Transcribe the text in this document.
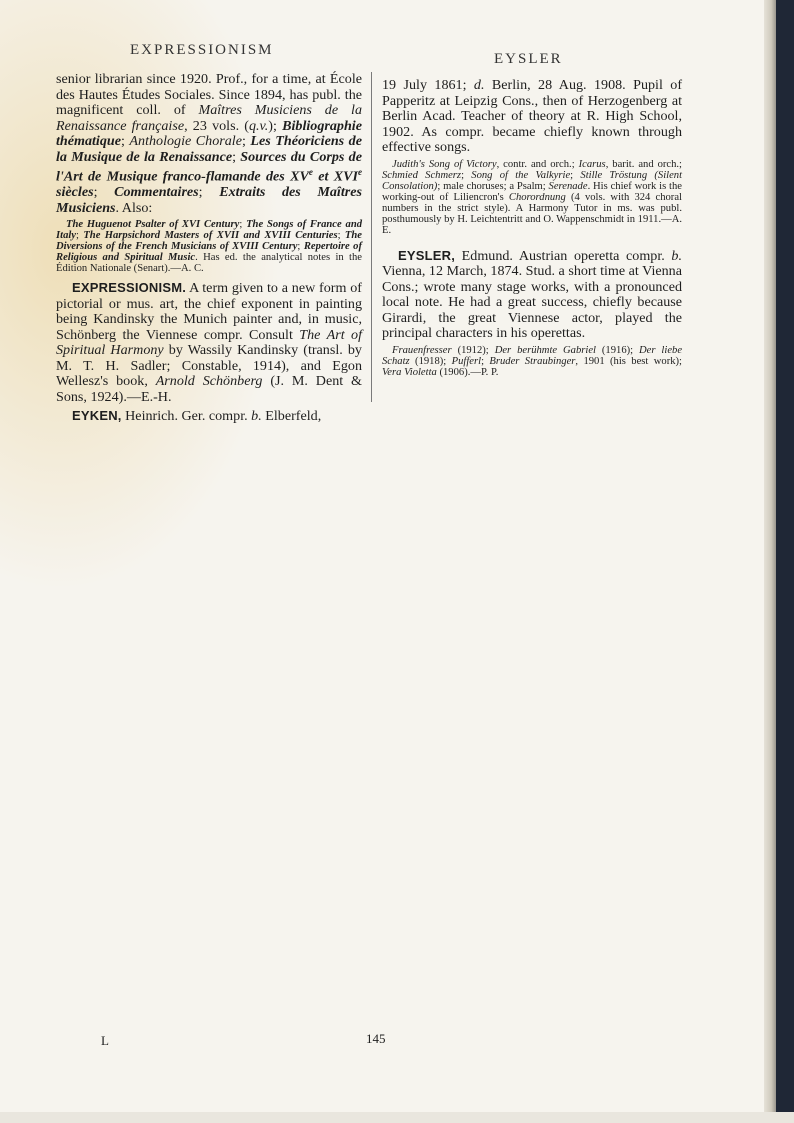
EXPRESSIONISM
EYSLER

senior librarian since 1920. Prof., for a time, at École des Hautes Études Sociales. Since 1894, has publ. the magnificent coll. of Maîtres Musiciens de la Renaissance française, 23 vols. (q.v.); Bibliographie thématique; Anthologie Chorale; Les Théoriciens de la Musique de la Renaissance; Sources du Corps de l'Art de Musique franco-flamande des XVe et XVIe siècles; Commentaires; Extraits des Maîtres Musiciens. Also:

The Huguenot Psalter of XVI Century; The Songs of France and Italy; The Harpsichord Masters of XVII and XVIII Centuries; The Diversions of the French Musicians of XVIII Century; Repertoire of Religious and Spiritual Music. Has ed. the analytical notes in the Édition Nationale (Senart).—A. C.

EXPRESSIONISM. A term given to a new form of pictorial or mus. art, the chief exponent in painting being Kandinsky the Munich painter and, in music, Schönberg the Viennese compr. Consult The Art of Spiritual Harmony by Wassily Kandinsky (transl. by M. T. H. Sadler; Constable, 1914), and Egon Wellesz's book, Arnold Schönberg (J. M. Dent & Sons, 1924).—E.-H.

EYKEN, Heinrich. Ger. compr. b. Elberfeld,

19 July 1861; d. Berlin, 28 Aug. 1908. Pupil of Papperitz at Leipzig Cons., then of Herzogenberg at Berlin Acad. Teacher of theory at R. High School, 1902. As compr. became chiefly known through effective songs.

Judith's Song of Victory, contr. and orch.; Icarus, barit. and orch.; Schmied Schmerz; Song of the Valkyrie; Stille Tröstung (Silent Consolation); male choruses; a Psalm; Serenade. His chief work is the working-out of Liliencron's Chorordnung (4 vols. with 324 choral numbers in the strict style). A Harmony Tutor in ms. was publ. posthumously by H. Leichtentritt and O. Wappenschmidt in 1911.—A. E.

EYSLER, Edmund. Austrian operetta compr. b. Vienna, 12 March, 1874. Stud. a short time at Vienna Cons.; wrote many stage works, with a pronounced local note. He had a great success, chiefly because Girardi, the great Viennese actor, played the principal characters in his operettas.

Frauenfresser (1912); Der berühmte Gabriel (1916); Der liebe Schatz (1918); Pufferl; Bruder Straubinger, 1901 (his best work); Vera Violetta (1906).—P. P.

L	145
